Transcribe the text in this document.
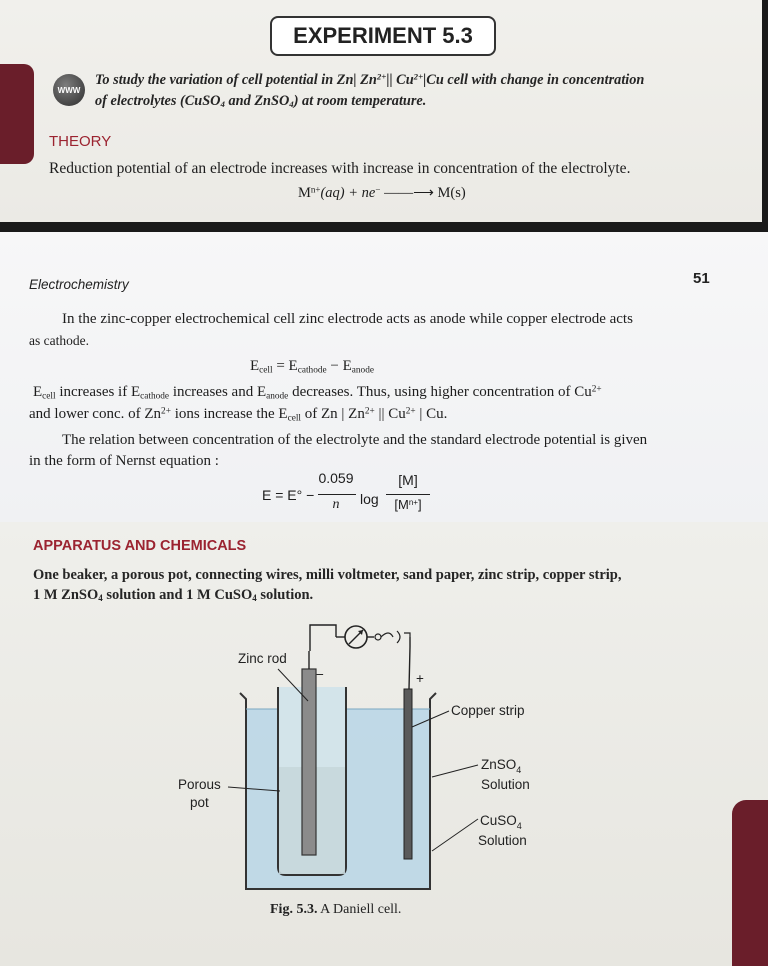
EXPERIMENT 5.3
WWW
To study the variation of cell potential in Zn| $Zn^{2+}||$ $Cu^{2+}|Cu$ cell with change in concentration
of electrolytes (CuSO$_4$ and ZnSO$_4$) at room temperature.
THEORY
Reduction potential of an electrode increases with increase in concentration of the electrolyte.
$M^{n+}(aq) + ne^-$ ——⟶ M(s)
Electrochemistry	51
In the zinc-copper electrochemical cell zinc electrode acts as anode while copper electrode acts
as cathode.
$E_{cell} = E_{cathode} - E_{anode}$
$E_{cell}$ increases if $E_{cathode}$ increases and $E_{anode}$ decreases. Thus, using higher concentration of $Cu^{2+}$
and lower conc. of $Zn^{2+}$ ions increase the $E_{cell}$ of Zn | $Zn^{2+}$ || $Cu^{2+}$ | Cu.
The relation between concentration of the electrolyte and the standard electrode potential is given
in the form of Nernst equation :
E = E° −
0.059
n	log
[M]
$[M^{n+}]$
APPARATUS AND CHEMICALS
One beaker, a porous pot, connecting wires, milli voltmeter, sand paper, zinc strip, copper strip,
1 M ZnSO$_4$ solution and 1 M CuSO$_4$ solution.
Zinc rod
−	+
Copper strip
ZnSO$_4$
Solution
Porous
pot
CuSO$_4$
Solution
Fig. 5.3. A Daniell cell.
